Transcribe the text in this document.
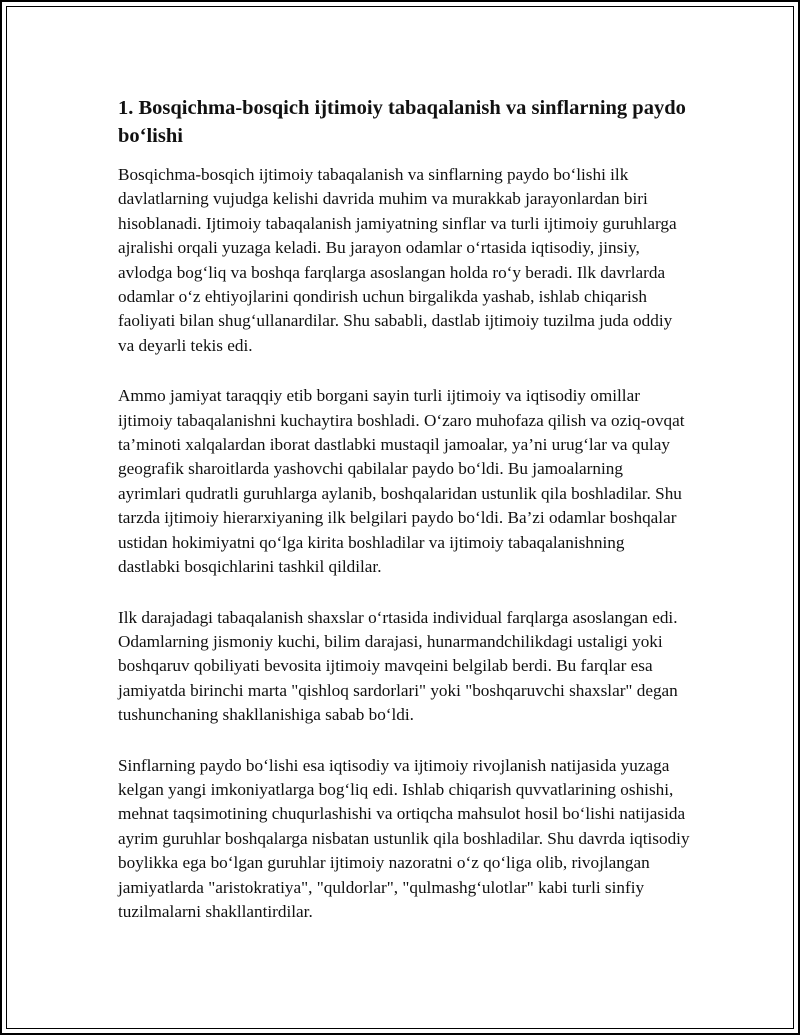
1. Bosqichma-bosqich ijtimoiy tabaqalanish va sinflarning paydo bo‘lishi

Bosqichma-bosqich ijtimoiy tabaqalanish va sinflarning paydo bo‘lishi ilk davlatlarning vujudga kelishi davrida muhim va murakkab jarayonlardan biri hisoblanadi. Ijtimoiy tabaqalanish jamiyatning sinflar va turli ijtimoiy guruhlarga ajralishi orqali yuzaga keladi. Bu jarayon odamlar o‘rtasida iqtisodiy, jinsiy, avlodga bog‘liq va boshqa farqlarga asoslangan holda ro‘y beradi. Ilk davrlarda odamlar o‘z ehtiyojlarini qondirish uchun birgalikda yashab, ishlab chiqarish faoliyati bilan shug‘ullanardilar. Shu sababli, dastlab ijtimoiy tuzilma juda oddiy va deyarli tekis edi.

Ammo jamiyat taraqqiy etib borgani sayin turli ijtimoiy va iqtisodiy omillar ijtimoiy tabaqalanishni kuchaytira boshladi. O‘zaro muhofaza qilish va oziq-ovqat ta’minoti xalqalardan iborat dastlabki mustaqil jamoalar, ya’ni urug‘lar va qulay geografik sharoitlarda yashovchi qabilalar paydo bo‘ldi. Bu jamoalarning ayrimlari qudratli guruhlarga aylanib, boshqalaridan ustunlik qila boshladilar. Shu tarzda ijtimoiy hierarxiyaning ilk belgilari paydo bo‘ldi. Ba’zi odamlar boshqalar ustidan hokimiyatni qo‘lga kirita boshladilar va ijtimoiy tabaqalanishning dastlabki bosqichlarini tashkil qildilar.

Ilk darajadagi tabaqalanish shaxslar o‘rtasida individual farqlarga asoslangan edi. Odamlarning jismoniy kuchi, bilim darajasi, hunarmandchilikdagi ustaligi yoki boshqaruv qobiliyati bevosita ijtimoiy mavqeini belgilab berdi. Bu farqlar esa jamiyatda birinchi marta "qishloq sardorlari" yoki "boshqaruvchi shaxslar" degan tushunchaning shakllanishiga sabab bo‘ldi.

Sinflarning paydo bo‘lishi esa iqtisodiy va ijtimoiy rivojlanish natijasida yuzaga kelgan yangi imkoniyatlarga bog‘liq edi. Ishlab chiqarish quvvatlarining oshishi, mehnat taqsimotining chuqurlashishi va ortiqcha mahsulot hosil bo‘lishi natijasida ayrim guruhlar boshqalarga nisbatan ustunlik qila boshladilar. Shu davrda iqtisodiy boylikka ega bo‘lgan guruhlar ijtimoiy nazoratni o‘z qo‘liga olib, rivojlangan jamiyatlarda "aristokratiya", "quldorlar", "qulmashg‘ulotlar" kabi turli sinfiy tuzilmalarni shakllantirdilar.
